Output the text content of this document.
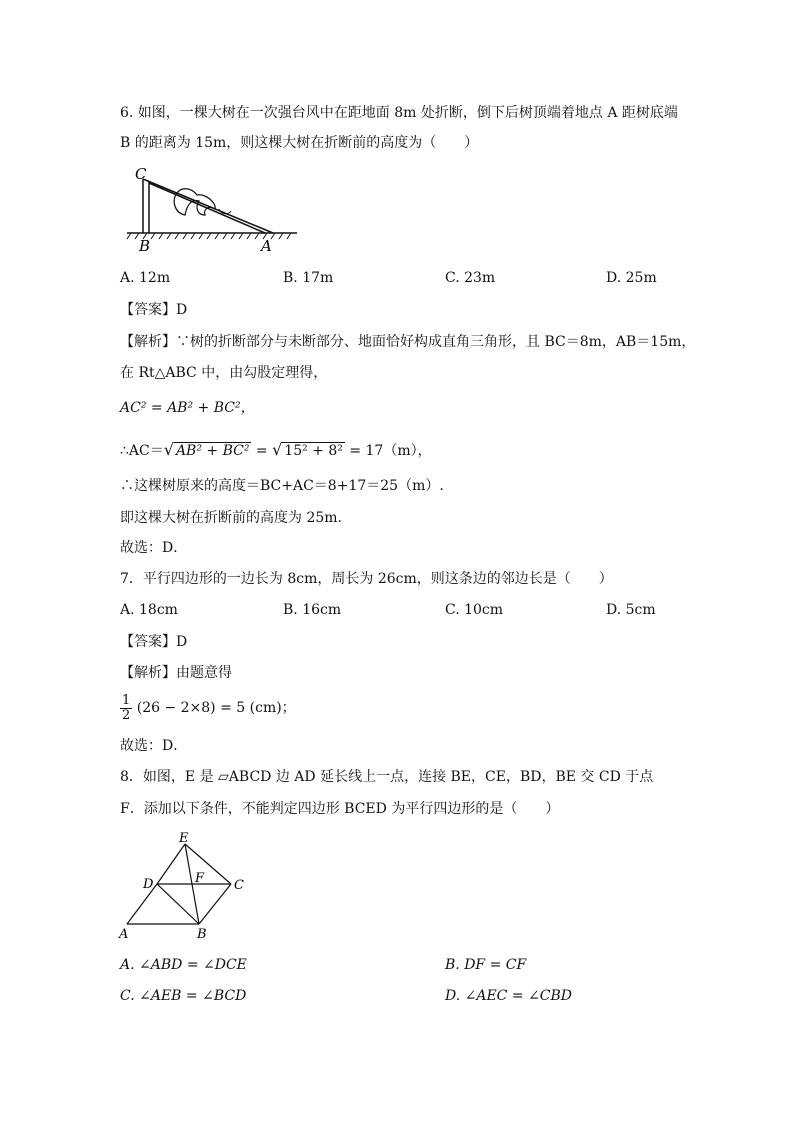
6. 如图，一棵大树在一次强台风中在距地面 8m 处折断，倒下后树顶端着地点 A 距树底端
B 的距离为 15m，则这棵大树在折断前的高度为（　　）
C
B	A
A. 12m	B. 17m	C. 23m	D. 25m
【答案】D
【解析】∵树的折断部分与未断部分、地面恰好构成直角三角形，且 BC＝8m，AB＝15m，
在 Rt△ABC 中，由勾股定理得，
AC² = AB² + BC²，
∴AC＝√ AB² + BC² = √ 15² + 8² = 17（m），
∴这棵树原来的高度＝BC+AC＝8+17＝25（m）.
即这棵大树在折断前的高度为 25m.
故选：D．
7．平行四边形的一边长为 8cm，周长为 26cm，则这条边的邻边长是（　　）
A. 18cm	B. 16cm	C. 10cm	D. 5cm
【答案】D
【解析】由题意得
$\frac{1}{2} (26 - 2\times 8) = 5$ (cm)；
故选：D．
8．如图，E 是 ▱ABCD 边 AD 延长线上一点，连接 BE，CE，BD，BE 交 CD 于点
F．添加以下条件，不能判定四边形 BCED 为平行四边形的是（　　）
E
D	F C
A	B
A. ∠ABD = ∠DCE	B. DF = CF
C. ∠AEB = ∠BCD	D. ∠AEC = ∠CBD
